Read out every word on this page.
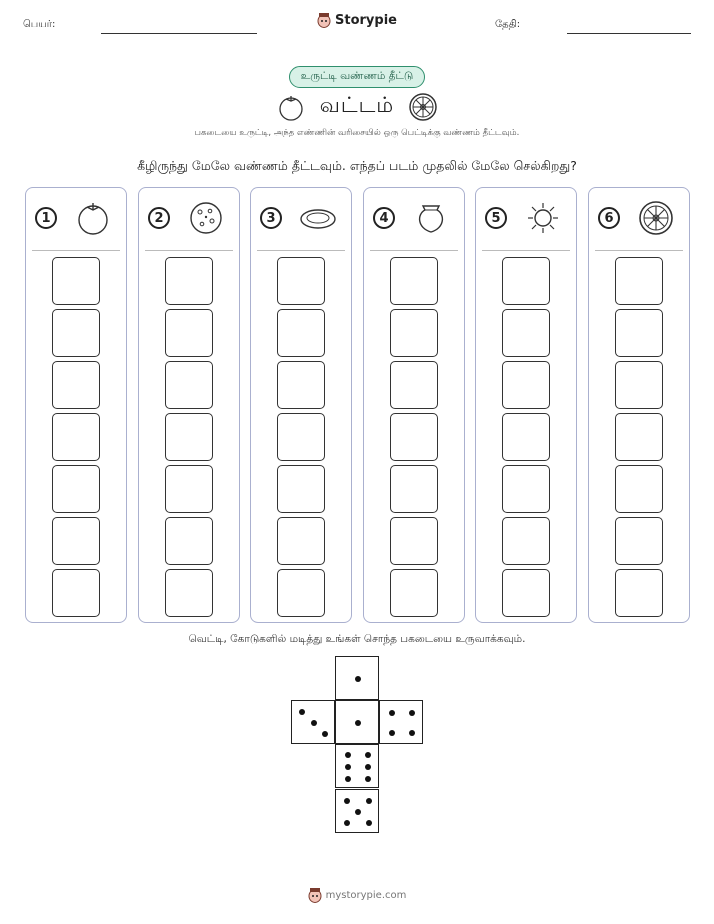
பெயர்:	Storypie	தேதி:
உருட்டி வண்ணம் தீட்டு
வட்டம்
பகடையை உருட்டி, அந்த எண்ணின் வரிசையில் ஒரு பெட்டிக்கு வண்ணம் தீட்டவும்.
கீழிருந்து மேலே வண்ணம் தீட்டவும். எந்தப் படம் முதலில் மேலே செல்கிறது?
1	2	3	4	5	6
வெட்டி, கோடுகளில் மடித்து உங்கள் சொந்த பகடையை உருவாக்கவும்.
mystorypie.com
